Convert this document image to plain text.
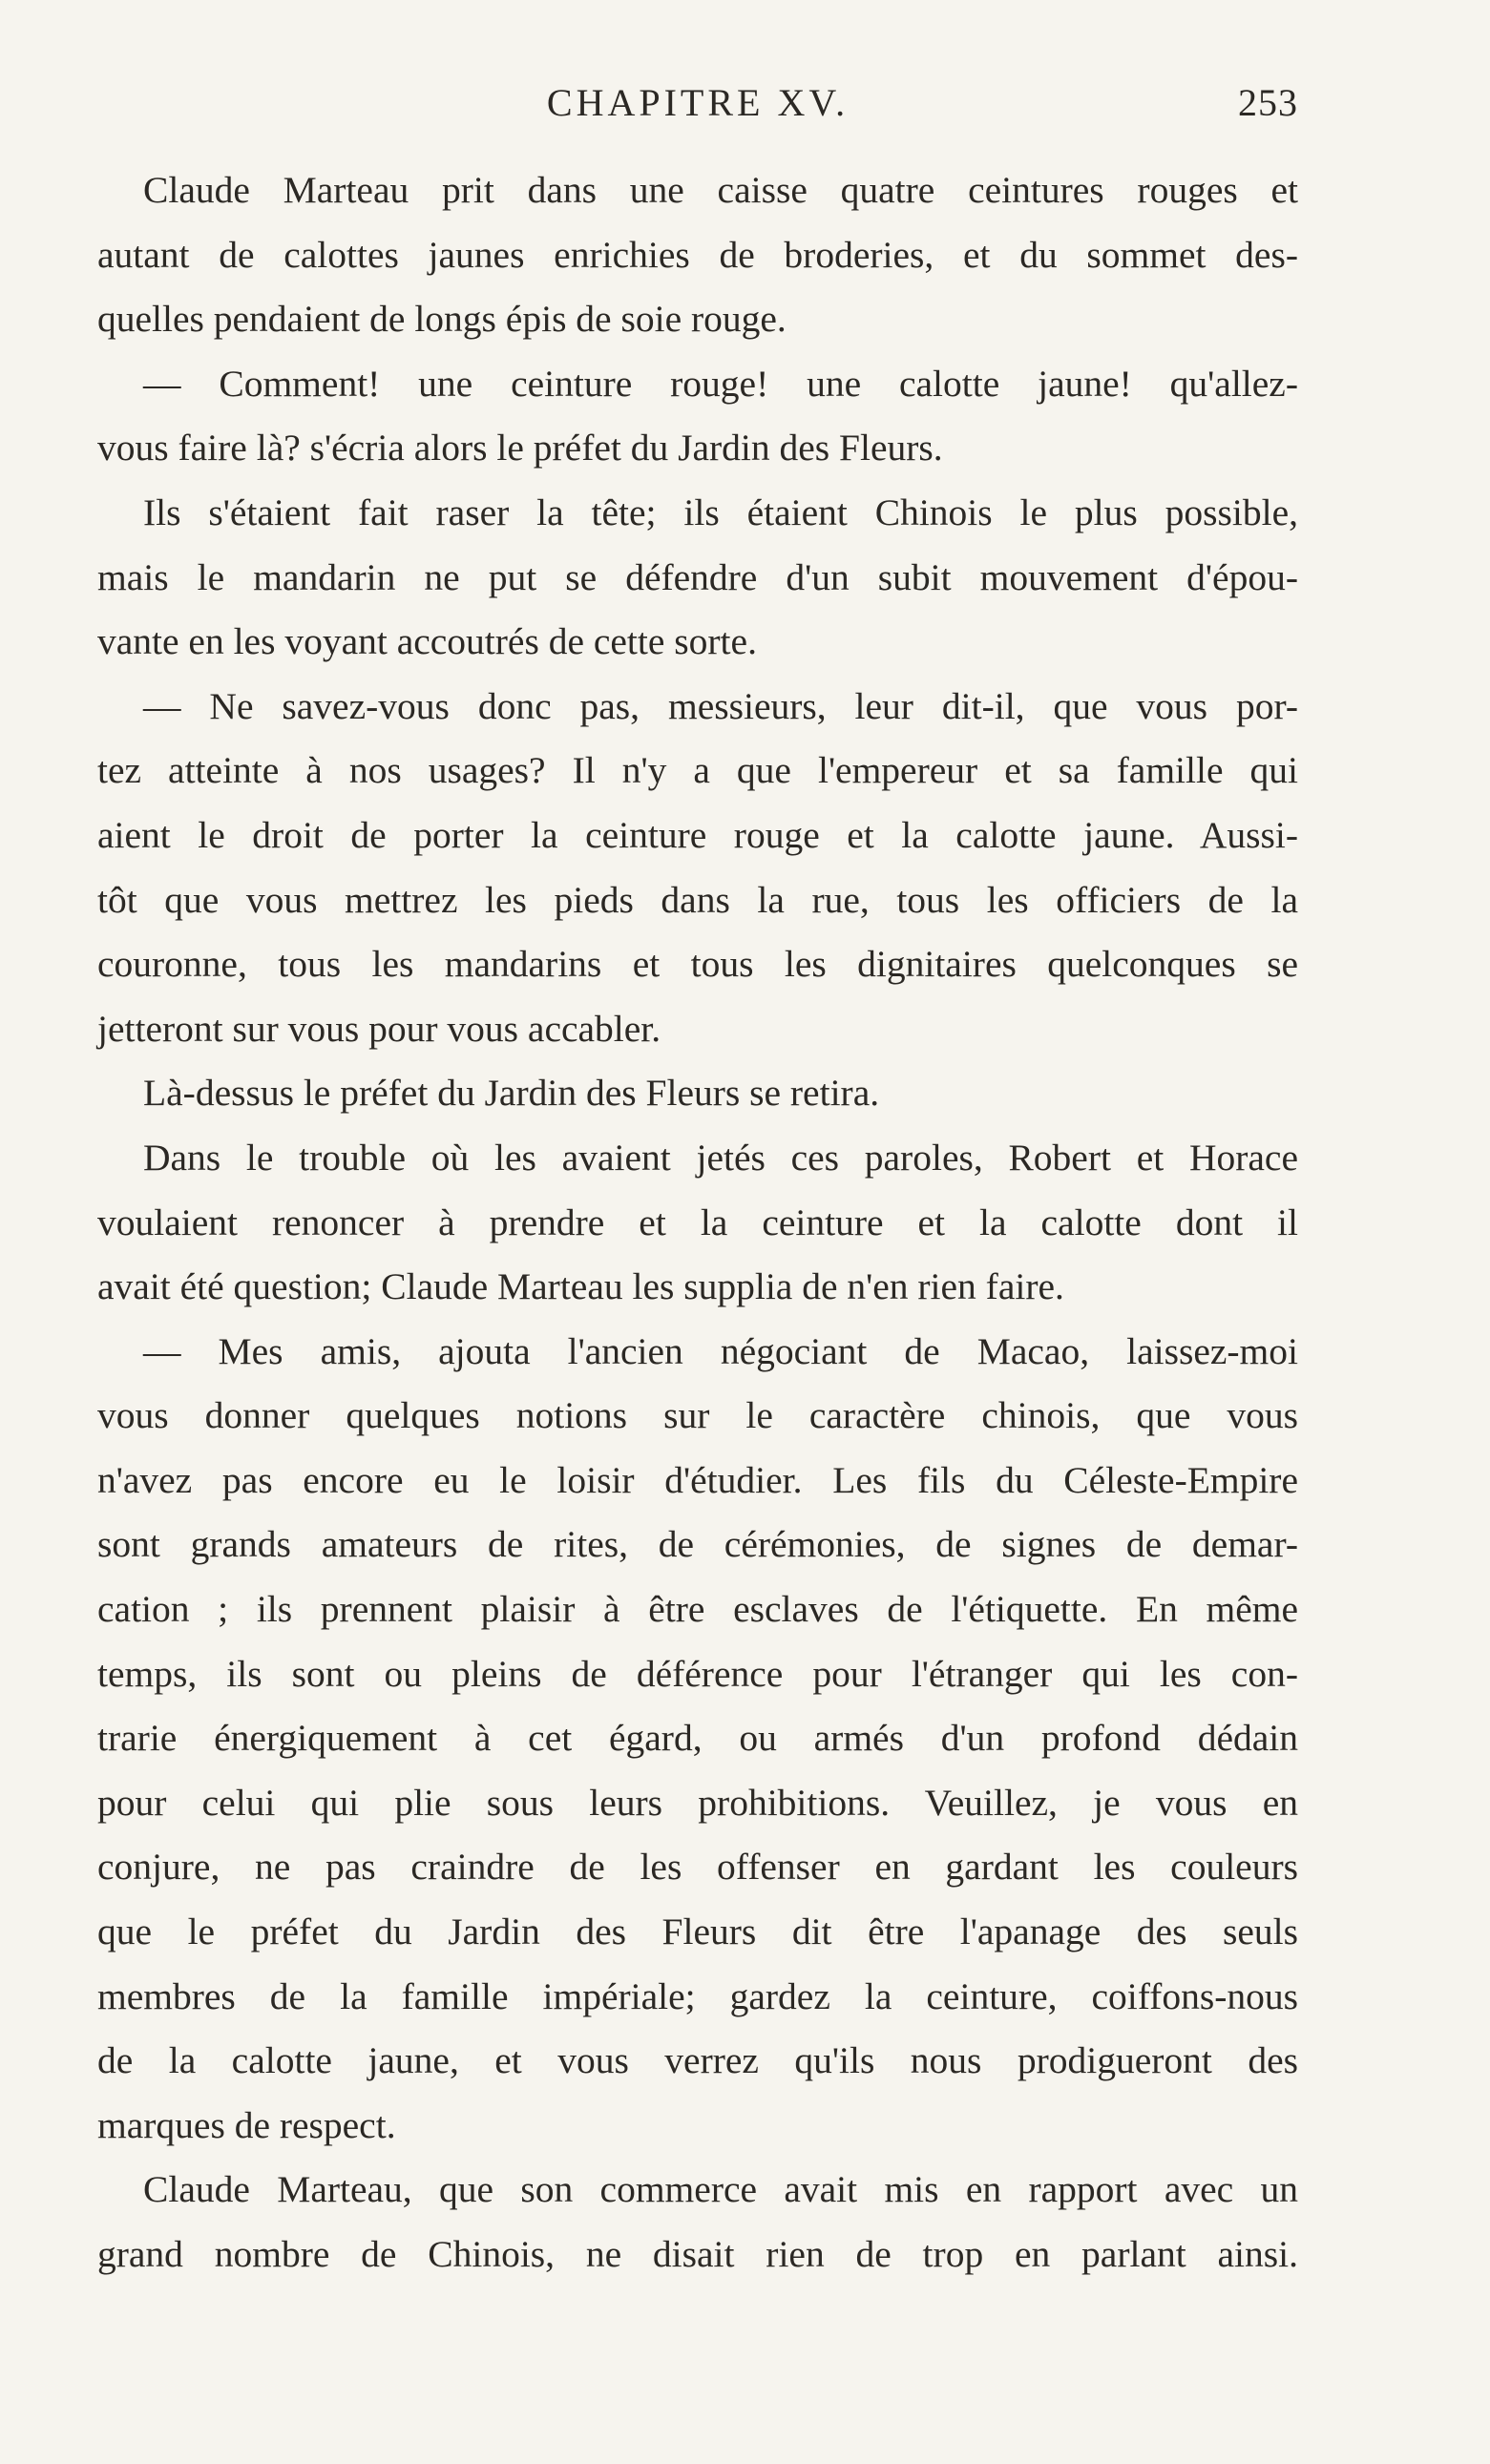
CHAPITRE XV.	253
Claude Marteau prit dans une caisse quatre ceintures rouges et
autant de calottes jaunes enrichies de broderies, et du sommet des-
quelles pendaient de longs épis de soie rouge.
— Comment! une ceinture rouge! une calotte jaune! qu'allez-
vous faire là? s'écria alors le préfet du Jardin des Fleurs.
Ils s'étaient fait raser la tête; ils étaient Chinois le plus possible,
mais le mandarin ne put se défendre d'un subit mouvement d'épou-
vante en les voyant accoutrés de cette sorte.
— Ne savez-vous donc pas, messieurs, leur dit-il, que vous por-
tez atteinte à nos usages? Il n'y a que l'empereur et sa famille qui
aient le droit de porter la ceinture rouge et la calotte jaune. Aussi-
tôt que vous mettrez les pieds dans la rue, tous les officiers de la
couronne, tous les mandarins et tous les dignitaires quelconques se
jetteront sur vous pour vous accabler.
Là-dessus le préfet du Jardin des Fleurs se retira.
Dans le trouble où les avaient jetés ces paroles, Robert et Horace
voulaient renoncer à prendre et la ceinture et la calotte dont il
avait été question; Claude Marteau les supplia de n'en rien faire.
— Mes amis, ajouta l'ancien négociant de Macao, laissez-moi
vous donner quelques notions sur le caractère chinois, que vous
n'avez pas encore eu le loisir d'étudier. Les fils du Céleste-Empire
sont grands amateurs de rites, de cérémonies, de signes de demar-
cation ; ils prennent plaisir à être esclaves de l'étiquette. En même
temps, ils sont ou pleins de déférence pour l'étranger qui les con-
trarie énergiquement à cet égard, ou armés d'un profond dédain
pour celui qui plie sous leurs prohibitions. Veuillez, je vous en
conjure, ne pas craindre de les offenser en gardant les couleurs
que le préfet du Jardin des Fleurs dit être l'apanage des seuls
membres de la famille impériale; gardez la ceinture, coiffons-nous
de la calotte jaune, et vous verrez qu'ils nous prodigueront des
marques de respect.
Claude Marteau, que son commerce avait mis en rapport avec un
grand nombre de Chinois, ne disait rien de trop en parlant ainsi.
